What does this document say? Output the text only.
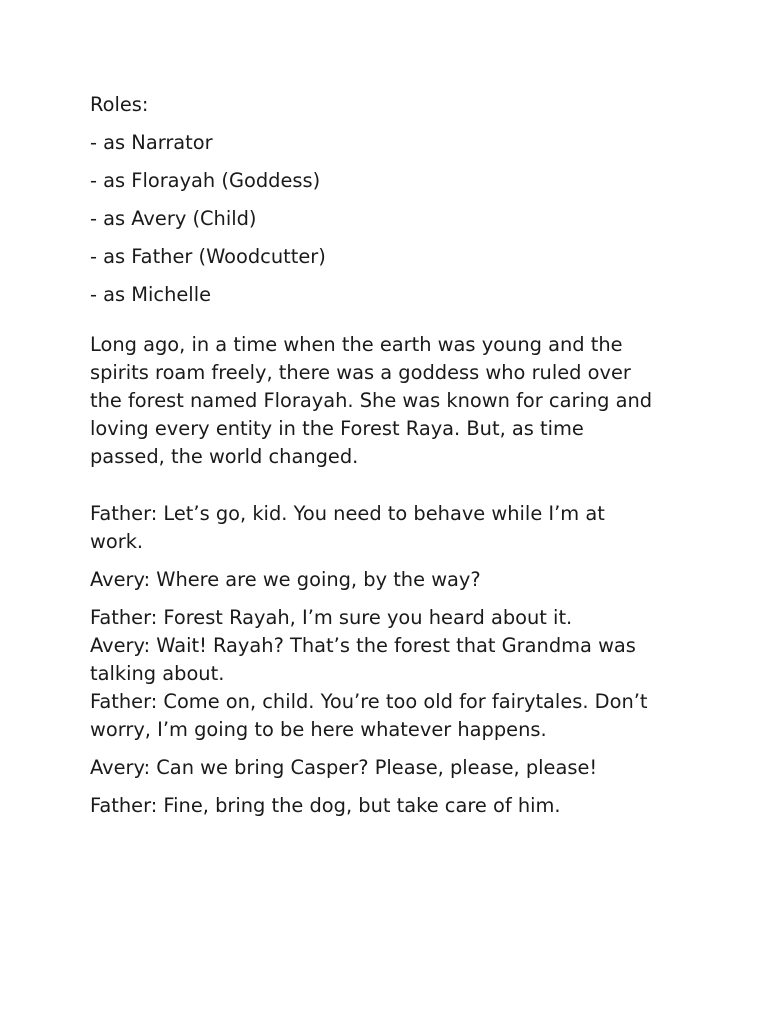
Roles:
- as Narrator
- as Florayah (Goddess)
- as Avery (Child)
- as Father (Woodcutter)
- as Michelle
Long ago, in a time when the earth was young and the
spirits roam freely, there was a goddess who ruled over
the forest named Florayah. She was known for caring and
loving every entity in the Forest Raya. But, as time
passed, the world changed.
Father: Let’s go, kid. You need to behave while I’m at
work.
Avery: Where are we going, by the way?
Father: Forest Rayah, I’m sure you heard about it.
Avery: Wait! Rayah? That’s the forest that Grandma was
talking about.
Father: Come on, child. You’re too old for fairytales. Don’t
worry, I’m going to be here whatever happens.
Avery: Can we bring Casper? Please, please, please!
Father: Fine, bring the dog, but take care of him.
